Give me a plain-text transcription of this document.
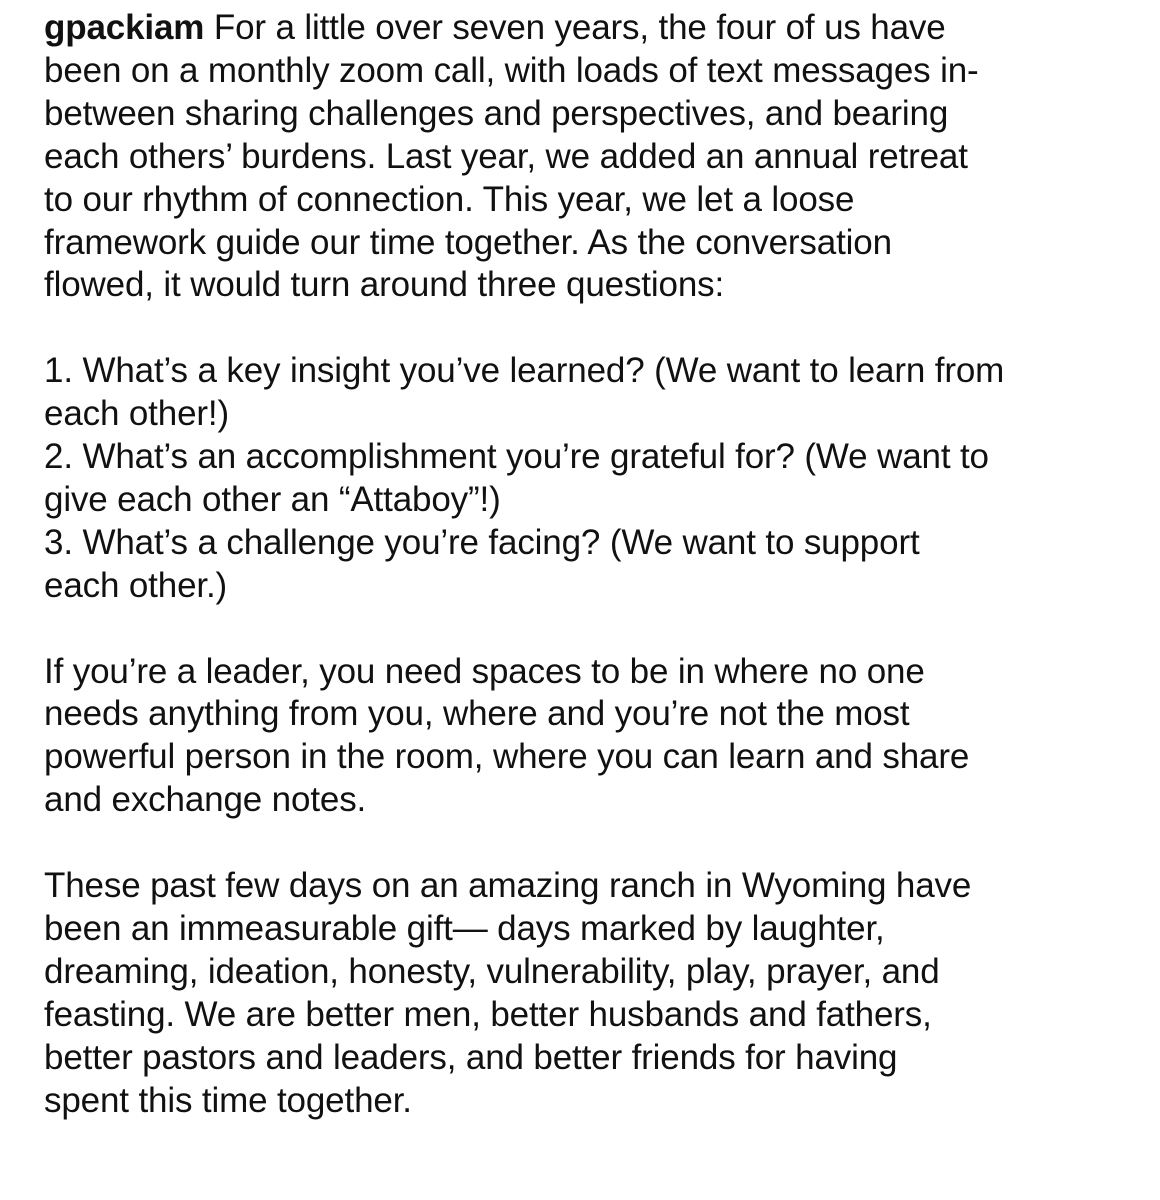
gpackiam For a little over seven years, the four of us have
been on a monthly zoom call, with loads of text messages in-
between sharing challenges and perspectives, and bearing
each others’ burdens. Last year, we added an annual retreat
to our rhythm of connection. This year, we let a loose
framework guide our time together. As the conversation
flowed, it would turn around three questions:

1. What’s a key insight you’ve learned? (We want to learn from
each other!)
2. What’s an accomplishment you’re grateful for? (We want to
give each other an “Attaboy”!)
3. What’s a challenge you’re facing? (We want to support
each other.)

If you’re a leader, you need spaces to be in where no one
needs anything from you, where and you’re not the most
powerful person in the room, where you can learn and share
and exchange notes.

These past few days on an amazing ranch in Wyoming have
been an immeasurable gift— days marked by laughter,
dreaming, ideation, honesty, vulnerability, play, prayer, and
feasting. We are better men, better husbands and fathers,
better pastors and leaders, and better friends for having
spent this time together.
